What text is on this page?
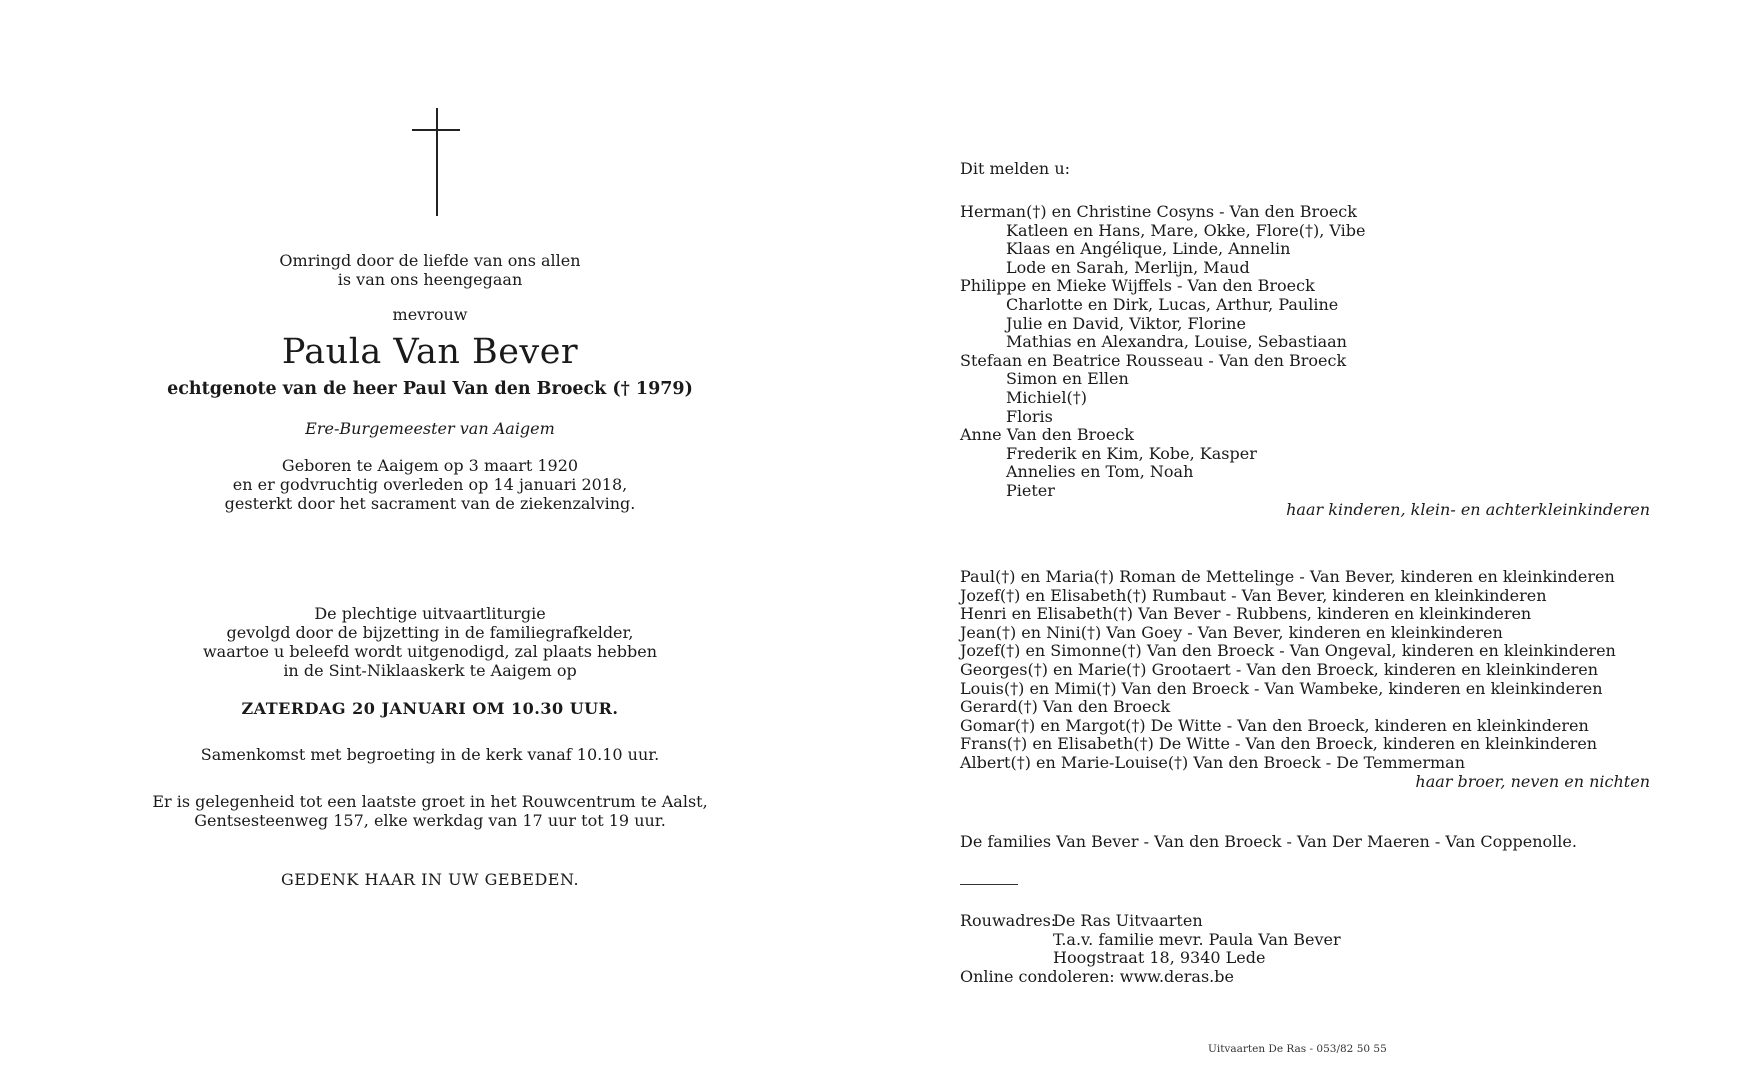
Omringd door de liefde van ons allen
is van ons heengegaan
mevrouw
Paula Van Bever
echtgenote van de heer Paul Van den Broeck († 1979)
Ere-Burgemeester van Aaigem
Geboren te Aaigem op 3 maart 1920
en er godvruchtig overleden op 14 januari 2018,
gesterkt door het sacrament van de ziekenzalving.
De plechtige uitvaartliturgie
gevolgd door de bijzetting in de familiegrafkelder,
waartoe u beleefd wordt uitgenodigd, zal plaats hebben
in de Sint-Niklaaskerk te Aaigem op
ZATERDAG 20 JANUARI OM 10.30 UUR.
Samenkomst met begroeting in de kerk vanaf 10.10 uur.
Er is gelegenheid tot een laatste groet in het Rouwcentrum te Aalst,
Gentsesteenweg 157, elke werkdag van 17 uur tot 19 uur.
GEDENK HAAR IN UW GEBEDEN.
Dit melden u:
Herman(†) en Christine Cosyns - Van den Broeck
Katleen en Hans, Mare, Okke, Flore(†), Vibe
Klaas en Angélique, Linde, Annelin
Lode en Sarah, Merlijn, Maud
Philippe en Mieke Wijffels - Van den Broeck
Charlotte en Dirk, Lucas, Arthur, Pauline
Julie en David, Viktor, Florine
Mathias en Alexandra, Louise, Sebastiaan
Stefaan en Beatrice Rousseau - Van den Broeck
Simon en Ellen
Michiel(†)
Floris
Anne Van den Broeck
Frederik en Kim, Kobe, Kasper
Annelies en Tom, Noah
Pieter
haar kinderen, klein- en achterkleinkinderen
Paul(†) en Maria(†) Roman de Mettelinge - Van Bever, kinderen en kleinkinderen
Jozef(†) en Elisabeth(†) Rumbaut - Van Bever, kinderen en kleinkinderen
Henri en Elisabeth(†) Van Bever - Rubbens, kinderen en kleinkinderen
Jean(†) en Nini(†) Van Goey - Van Bever, kinderen en kleinkinderen
Jozef(†) en Simonne(†) Van den Broeck - Van Ongeval, kinderen en kleinkinderen
Georges(†) en Marie(†) Grootaert - Van den Broeck, kinderen en kleinkinderen
Louis(†) en Mimi(†) Van den Broeck - Van Wambeke, kinderen en kleinkinderen
Gerard(†) Van den Broeck
Gomar(†) en Margot(†) De Witte - Van den Broeck, kinderen en kleinkinderen
Frans(†) en Elisabeth(†) De Witte - Van den Broeck, kinderen en kleinkinderen
Albert(†) en Marie-Louise(†) Van den Broeck - De Temmerman
haar broer, neven en nichten
De families Van Bever - Van den Broeck - Van Der Maeren - Van Coppenolle.
Rouwadres:
De Ras Uitvaarten
T.a.v. familie mevr. Paula Van Bever
Hoogstraat 18, 9340 Lede
Online condoleren: www.deras.be
Uitvaarten De Ras - 053/82 50 55
